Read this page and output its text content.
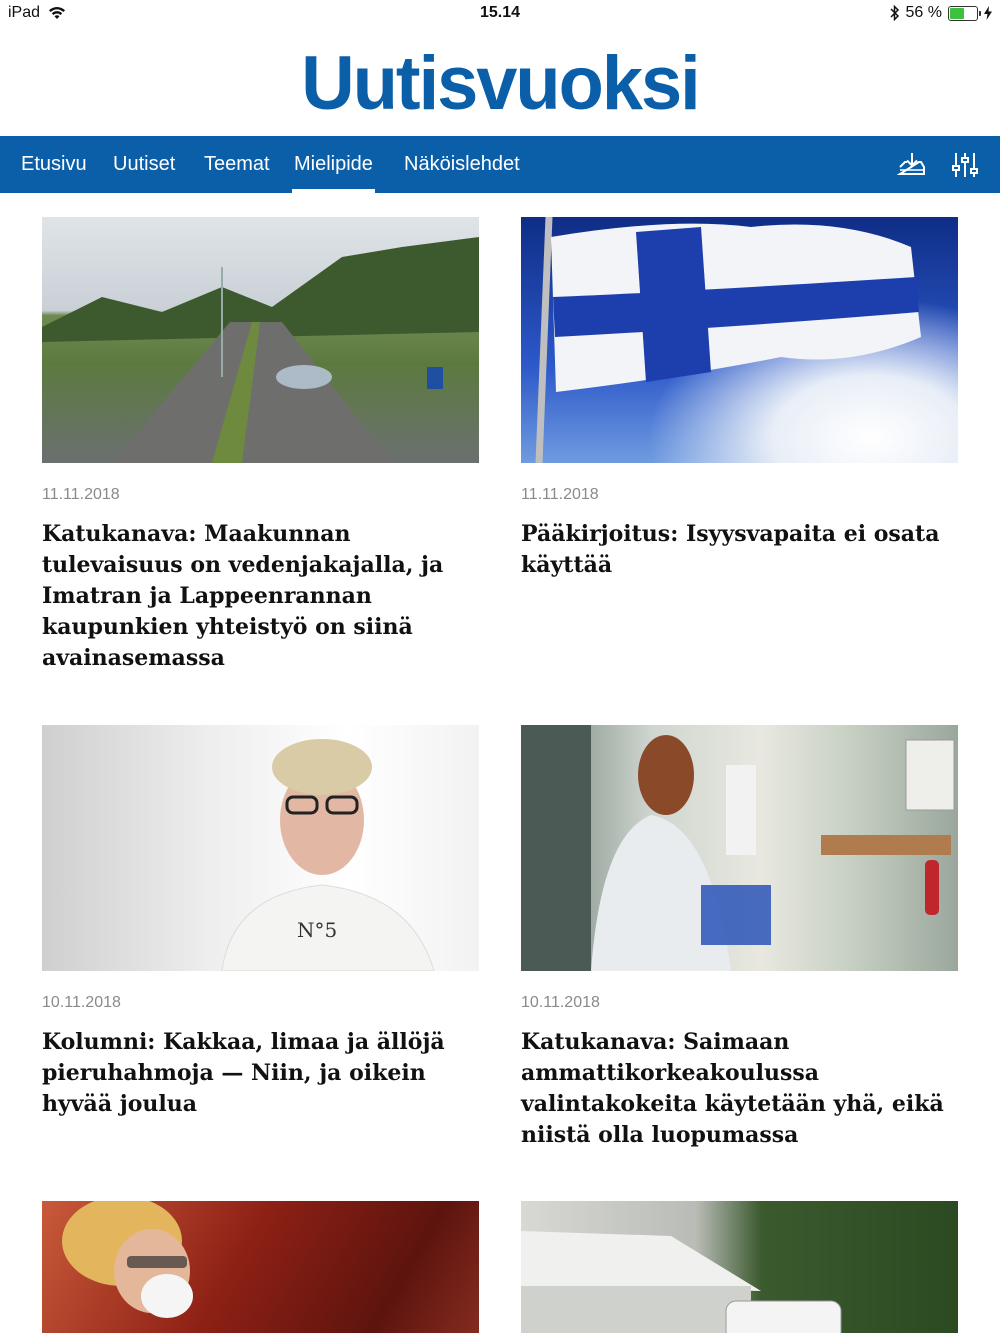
iPad	15.14	56 %
Uutisvuoksi
Etusivu Uutiset Teemat Mielipide Näköislehdet
11.11.2018
Katukanava: Maakunnan tulevaisuus on vedenjakajalla, ja Imatran ja Lappeenrannan kaupunkien yhteistyö on siinä avainasemassa
11.11.2018
Pääkirjoitus: Isyysvapaita ei osata käyttää
N°5
10.11.2018
Kolumni: Kakkaa, limaa ja ällöjä pieruhahmoja — Niin, ja oikein hyvää joulua
10.11.2018
Katukanava: Saimaan ammattikorkeakoulussa valintakokeita käytetään yhä, eikä niistä olla luopumassa
